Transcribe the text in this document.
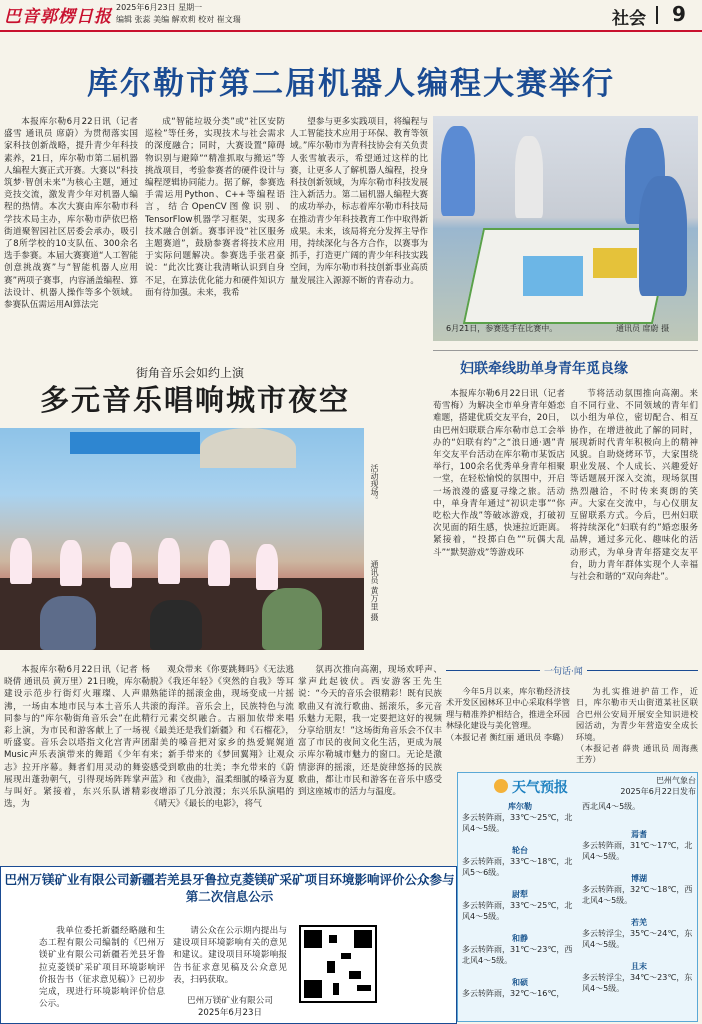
巴音郭楞日报 2025年6月23日 星期一
编辑 张蕊 美编 解欢莉 校对 崔文瑞	社会 9
库尔勒市第二届机器人编程大赛举行

本报库尔勒6月22日讯（记者 盛雪 通讯员 席蔚）为贯彻落实国家科技创新战略，提升青少年科技素养，21日，库尔勒市第二届机器人编程大赛正式开赛。大赛以“科技筑梦·智创未来”为核心主题，通过竞技交流，激发青少年对机器人编程的热情。本次大赛由库尔勒市科学技术局主办，库尔勒市萨依巴格街道聚智园社区居委会承办，吸引了8所学校的10支队伍、300余名选手参赛。本届大赛赛道“人工智能创意挑战赛”与“智能机器人应用赛”两项子赛事，内容涵盖编程、算法设计、机器人操作等多个领域。参赛队伍需运用AI算法完

成“智能垃圾分类”或“社区安防巡检”等任务，实现技术与社会需求的深度融合；同时，大赛设置“障碍物识别与避障”“精准抓取与搬运”等挑战项目，考验参赛者的硬件设计与编程逻辑协同能力。据了解，参赛选手需运用Python、C++等编程语言，结合OpenCV图像识别、TensorFlow机器学习框架，实现多技术融合创新。赛事评设“社区服务主题赛道”，鼓励参赛者将技术应用于实际问题解决。参赛选手张君豪说：“此次比赛让我清晰认识到自身不足，在算法优化能力和硬件知识方面有待加强。未来，我希

望参与更多实践项目，将编程与人工智能技术应用于环保、教育等领域。”库尔勒市为青科技协会有关负责人张雪敏表示，希望通过这样的比赛，让更多人了解机器人编程，投身科技创新领域，为库尔勒市科技发展注入新活力。第二届机器人编程大赛的成功举办，标志着库尔勒市科技局在推动青少年科技教育工作中取得新成果。未来，该局将充分发挥主导作用，持续深化与各方合作，以赛事为抓手，打造更广阔的青少年科技实践空间，为库尔勒市科技创新事业高质量发展注入源源不断的青春动力。

6月21日，参赛选手在比赛中。	通讯员 席蔚 摄
街角音乐会如约上演
多元音乐唱响城市夜空
活动现场。
通讯员 黄万里 摄

本报库尔勒6月22日讯（记者 杨晓倩 通讯员 黄万里）21日晚，库尔勒建设示范步行街灯火璀璨、人声鼎沸，一场由本地市民与本土音乐人共同参与的“库尔勒街角音乐会”在此精彩上演，为市民和游客献上了一场视听盛宴。音乐会以塔指文化宫青声团Music声乐表演带来的舞蹈《少年有志》拉开序幕。舞者们用灵动的舞姿展现出蓬勃朝气，引得现场阵阵掌声与叫好。紧接着，东兴乐队谱精彩选，为

观众带来《你要跳舞吗》《无法逃脱》《我还年轻》《突然的自我》等耳熟能详的摇滚金曲，现场变成一片摇滚的海洋。音乐会上，民族特色与流行元素交织融合。古丽加依带来唱《最美还是我们新疆》和《石榴花》，甜美的嗓音把对家乡的热爱娓娓道来；新手带来的《梦回翼翔》让观众感受到歌曲的壮美；李允带来的《蔚蓝》和《夜曲》，温柔细腻的嗓音为夏夜增添了几分浪漫；东兴乐队演唱的《晴天》《最长的电影》，将气

氛再次推向高潮，现场欢呼声、掌声此起彼伏。西安游客王先生说：“今天的音乐会很精彩！既有民族歌曲又有流行歌曲、摇滚乐，多元音乐魅力无限，我一定要把这好的视频分享给朋友！”这场街角音乐会不仅丰富了市民的夜间文化生活，更成为展示库尔勒城市魅力的窗口。无论是激情澎湃的摇滚，还是旋律悠扬的民族歌曲，都让市民和游客在音乐中感受到这座城市的活力与温度。

妇联牵线助单身青年觅良缘

本报库尔勒6月22日讯（记者 荀雪梅）为解决全市单身青年婚恋难题，搭建优质交友平台，20日，由巴州妇联联合库尔勒市总工会举办的“妇联有约”之“浪日通·遇”青年交友平台活动在库尔勒市某饭店举行，100余名优秀单身青年相聚一堂，在轻松愉悦的氛围中，开启一场浪漫的盛夏寻缘之旅。活动中，单身青年通过“初识走事”“你吃松大作战”等破冰游戏，打破初次见面的陌生感，快速拉近距离。紧接着，“投掷白色”“玩偶大乱斗”“默契游戏”等游戏环

节将活动氛围推向高潮。来自不同行业、不同领域的青年们以小组为单位，密切配合、相互协作，在增进彼此了解的同时，展现新时代青年积极向上的精神风貌。自助烧烤环节，大家围绕职业发展、个人成长、兴趣爱好等话题展开深入交流，现场氛围热烈融洽，不时传来爽朗的笑声。大家在交流中，与心仪朋友互留联系方式。今后，巴州妇联将持续深化“妇联有约”婚恋服务品牌，通过多元化、趣味化的活动形式，为单身青年搭建交友平台，助力青年群体实现个人幸福与社会和谐的“双向奔赴”。

一句话·闻

今年5月以来，库尔勒经济技术开发区园林环卫中心采取科学管理与精准养护相结合，推进全环园林绿化建设与美化管理。

（本报记者 衡红丽 通讯员 李璐）

为扎实推进护苗工作，近日，库尔勒市天山街道某社区联合巴州公安局开展安全知识进校园活动，为青少年营造安全成长环境。

（本报记者 薛贵 通讯员 周海燕 王芳）

天气预报	巴州气象台
2025年6月22日发布
库尔勒
多云转阵雨，33℃～25℃，北风4～5级。
轮台
多云转阵雨，33℃～18℃，北风5～6级。
尉犁
多云转阵雨，33℃～25℃，北风4～5级。
和静
多云转阵雨，31℃～23℃，西北风4～5级。
和硕
多云转阵雨，32℃～16℃，
西北风4～5级。
焉耆
多云转阵雨，31℃～17℃，北风4～5级。
博湖
多云转阵雨，32℃～18℃，西北风4～5级。
若羌
多云转浮尘，35℃～24℃，东风4～5级。
且末
多云转浮尘，34℃～23℃，东风4～5级。
巴州万镁矿业有限公司新疆若羌县牙鲁拉克菱镁矿采矿项目环境影响评价公众参与第二次信息公示

我单位委托新疆经略融和生态工程有限公司编制的《巴州万镁矿业有限公司新疆若羌县牙鲁拉克菱镁矿采矿项目环境影响评价报告书（征求意见稿）》已初步完成，现进行环境影响评价信息公示。

请公众在公示期内提出与建设项目环境影响有关的意见和建议。建设项目环境影响报告书征求意见稿及公众意见表，扫码获取。

巴州万镁矿业有限公司
2025年6月23日
